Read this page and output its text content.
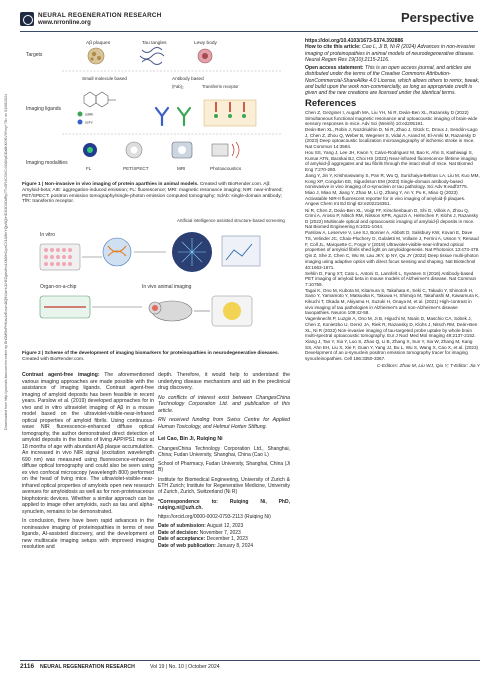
NEURAL REGENERATION RESEARCH
www.nrronline.org	Perspective
Downloaded from http://journals.lww.com/nrronline by BhDMf5ePHKav1zEoum1tQfN4a+kJLhEZgbsIHo4XMi0hCywCX1AWnYQp/IlQrHD3i3D0OdRyi7TvSFl4Cf3VC4/OAVpDDa8KKGKV0Ymy+78= on 01/08/2024
Targets
Imaging ligands
Imaging modalities
Aβ plaques	Tau tangles	Lewy body
Small molecule based	Antibody based
(Fab)₂	Transferrin receptor
sdAb
scFv
FL	PET/SPECT	MRI	Photoacoustics
Figure 1 | Non-invasive in vivo imaging of protein aparthies in animal models. Created with BioRender.com. Aβ: Amyloid-beta; AIE: aggregation-induced emission; FL: fluorescence; MRI: magnetic resonance imaging; NIR: near-infrared; PET/SPECT: positron emission tomography/single-photon emission computed tomography; SdAb: single-domain antibody; TfR: transferrin receptor.
In vitro
Artificial intelligence assisted structure-based screening
Organ-on-a-chip	In vivo animal imaging
Figure 2 | Scheme of the development of imaging biomarkers for proteinopathies in neurodegenerative diseases. Created with BioRender.com.

Contrast agent-free imaging: The aforementioned various imaging approaches are made possible with the assistance of imaging ligands. Contrast agent-free imaging of amyloid deposits has been feasible in recent years. Parslow et al. (2019) developed approaches for in vivo and in vitro ultraviolet imaging of Aβ in a mouse model based on the ultraviolet-visible-near-infrared optical properties of amyloid fibrils. Using continuous-wave NIR fluorescence-enhanced diffuse optical tomography, the author demonstrated direct detection of amyloid deposits in the brains of living APP/PS1 mice at 18 months of age with abundant Aβ plaque accumulation. An increased in vivo NIR signal (excitation wavelength 690 nm) was measured using fluorescence-enhanced diffuse optical tomography and could also be seen using ex vivo confocal microscopy (wavelength 800) performed on the head of living mice. The ultraviolet-visible-near-infrared optical properties of amyloids open new research avenues for amyloidosis as well as for non-proteinaceous biophotonic devices. Whether a similar approach can be applied to image other amyloids, such as tau and alpha-synuclein, remains to be demonstrated.

In conclusion, there have been rapid advances in the noninvasive imaging of proteinopathies in terms of new ligands, AI-assisted discovery, and the development of new multiscale imaging setups with improved imaging resolution and

depth. Therefore, it would help to understand the underlying disease mechanism and aid in the preclinical drug discovery.

No conflicts of interest exist between ChangesChina Technology Corporation Ltd. and publication of this article.

RN received funding from Swiss Centre for Applied Human Toxicology, and Helmut Horten Stiftung.

Lei Cao, Bin Ji, Ruiqing Ni

ChangesChina Technology Corporation Ltd., Shanghai, China; Fudan University, Shanghai, China (Cao L)

School of Pharmacy, Fudan University, Shanghai, China (Ji B)

Institute for Biomedical Engineering, University of Zurich & ETH Zurich; Institute for Regenerative Medicine, University of Zurich, Zurich, Switzerland (Ni R)

*Correspondence to: Ruiqing Ni, PhD, ruiqing.ni@uzh.ch.

https://orcid.org/0000-0002-0793-2113 (Ruiqing Ni)

Date of submission: August 12, 2023
Date of decision: November 7, 2023
Date of acceptance: December 1, 2023
Date of web publication: January 8, 2024
https://doi.org/10.4103/1673-5374.392886
How to cite this article: Cao L, Ji B, Ni R (2024) Advances in non-invasive imaging of proteinopathies in animal models of neurodegenerative disease. Neural Regen Res 19(10):2115-2116.
Open access statement: This is an open access journal, and articles are distributed under the terms of the Creative Commons Attribution-NonCommercial-ShareAlike 4.0 License, which allows others to remix, tweak, and build upon the work non-commercially, as long as appropriate credit is given and the new creations are licensed under the identical terms.
References
Chen Z, Gezginer I, Augath MA, Liu YH, Ni R, Deán-Ben XL, Razansky D (2022) Simultaneous functional magnetic resonance and optoacoustic imaging of brain-wide sensory responses in mice. Adv Sci (Weinh) 10:e2205191.
Deán-Ben XL, Robin J, Nozdriukhin D, Ni R, Zhao J, Glück C, Droux J, Sendón-Lago J, Chen Z, Zhou Q, Weber B, Wegener S, Vidal A, Arand M, El-Amki M, Razansky D (2023) Deep optoacoustic localization microangiography of ischemic stroke in mice. Nat Commun 14:3584.
Hou SS, Yang J, Lee JH, Kwon Y, Calvo-Rodriguez M, Bao K, Ahn S, Kashiwagi S, Kumar ATN, Bacskai BJ, Choi HS (2023) Near-infrared fluorescence lifetime imaging of amyloid-β aggregates and tau fibrils through the intact skull of mice. Nat Biomed Eng 7:270-280.
Jiang Y, Jin Y, Krishnaswamy S, Pan R, Wu Q, Surichaiya-Beltran LA, Liu M, Kuo MM, Kong XP, Congdon EE, Sigurdsson EM (2023) Single-domain antibody-based noninvasive in vivo imaging of α-synuclein or tau pathology. Sci Adv 9:eadf3775.
Miao J, Miao M, Jiang Y, Zhao M, Li Q, Zhang Y, An Y, Pu K, Miao Q (2023) Activatable NIR-II fluorescent reporter for in vivo imaging of amyloid-β plaques. Angew Chem Int Ed Engl 62:e202216351.
Ni R, Chen Z, Deán-Ben XL, Voigt FF, Kirschenbaum D, Shi G, Villois A, Zhou Q, Crimi A, Arosio P, Nitsch RM, Nilsson KPR, Aguzzi A, Helmchen F, Klohs J, Razansky D (2022) Multiscale optical and optoacoustic imaging of amyloid-β deposits in mice. Nat Biomed Engineering 6:1031-1044.
Parslow A, Lesenvre V, Lee SJ, Bonner A, Abbott D, Salisbury KW, Kovari E, Dave TS, Velinder JC, Chaix-Pluchery O, Gulaletti M, Vollaire J, Ferrini A, Usson Y, Renaud F, Coll JL, Marquette C, Forge V (2019) Ultraviolet-visible-near-infrared optical properties of amyloid fibrils shed light on amyloidogenesis. Nat Photonics 13:473-479.
Qin Z, She Z, Chen C, Wu W, Lau JKY, Ip NY, Qu JY (2022) Deep tissue multi-photon imaging using adaptive optics with direct focus sensing and shaping. Nat Biotechnol 40:1663-1671.
Sehlin D, Fang XT, Cato L, Antoni G, Lannfelt L, Syvänen S (2016) Antibody-based PET imaging of amyloid beta in mouse models of Alzheimer's disease. Nat Commun 7:10759.
Tagai K, Ono M, Kubota M, Kitamura S, Takahata K, Seki C, Takado Y, Shinotoh H, Sano Y, Yamamoto Y, Matsuoka K, Takuwa H, Shimojo M, Takahashi M, Kawamura K, Kikuchi T, Okada M, Akiyama H, Suzuki H, Onaya M, et al. (2021) High-contrast in vivo imaging of tau pathologies in Alzheimer's and non-Alzheimer's disease tauopathies. Neuron 109:42-58.
Vagenknecht P, Luzgin A, Ono M, Ji B, Higuchi M, Noain D, Maschio CA, Sobek J, Chen Z, Konietzko U, Gerez JA, Riek R, Razansky D, Klohs J, Nitsch RM, Deán-Ben XL, Ni R (2022) Non-invasive imaging of tau-targeted probe uptake by whole brain multi-spectral optoacoustic tomography. Eur J Nucl Med Mol Imaging 49:2137-2152.
Xiang J, Tao Y, Xia Y, Luo S, Zhao Q, Li B, Zhang X, Sun Y, Xia W, Zhang M, Kang SS, Ahn EH, Liu X, Xie F, Guan Y, Yang JJ, Bu L, Wu S, Wang X, Cao X, et al. (2023) Development of an α-synuclein positron emission tomography tracer for imaging synucleinopathies. Cell 186:3350-3367.
C-Editors: Zhao M, Liu WJ, Qiu Y; T-Editor: Jia Y
2116 NEURAL REGENERATION RESEARCH	Vol 19 | No. 10 | October 2024
